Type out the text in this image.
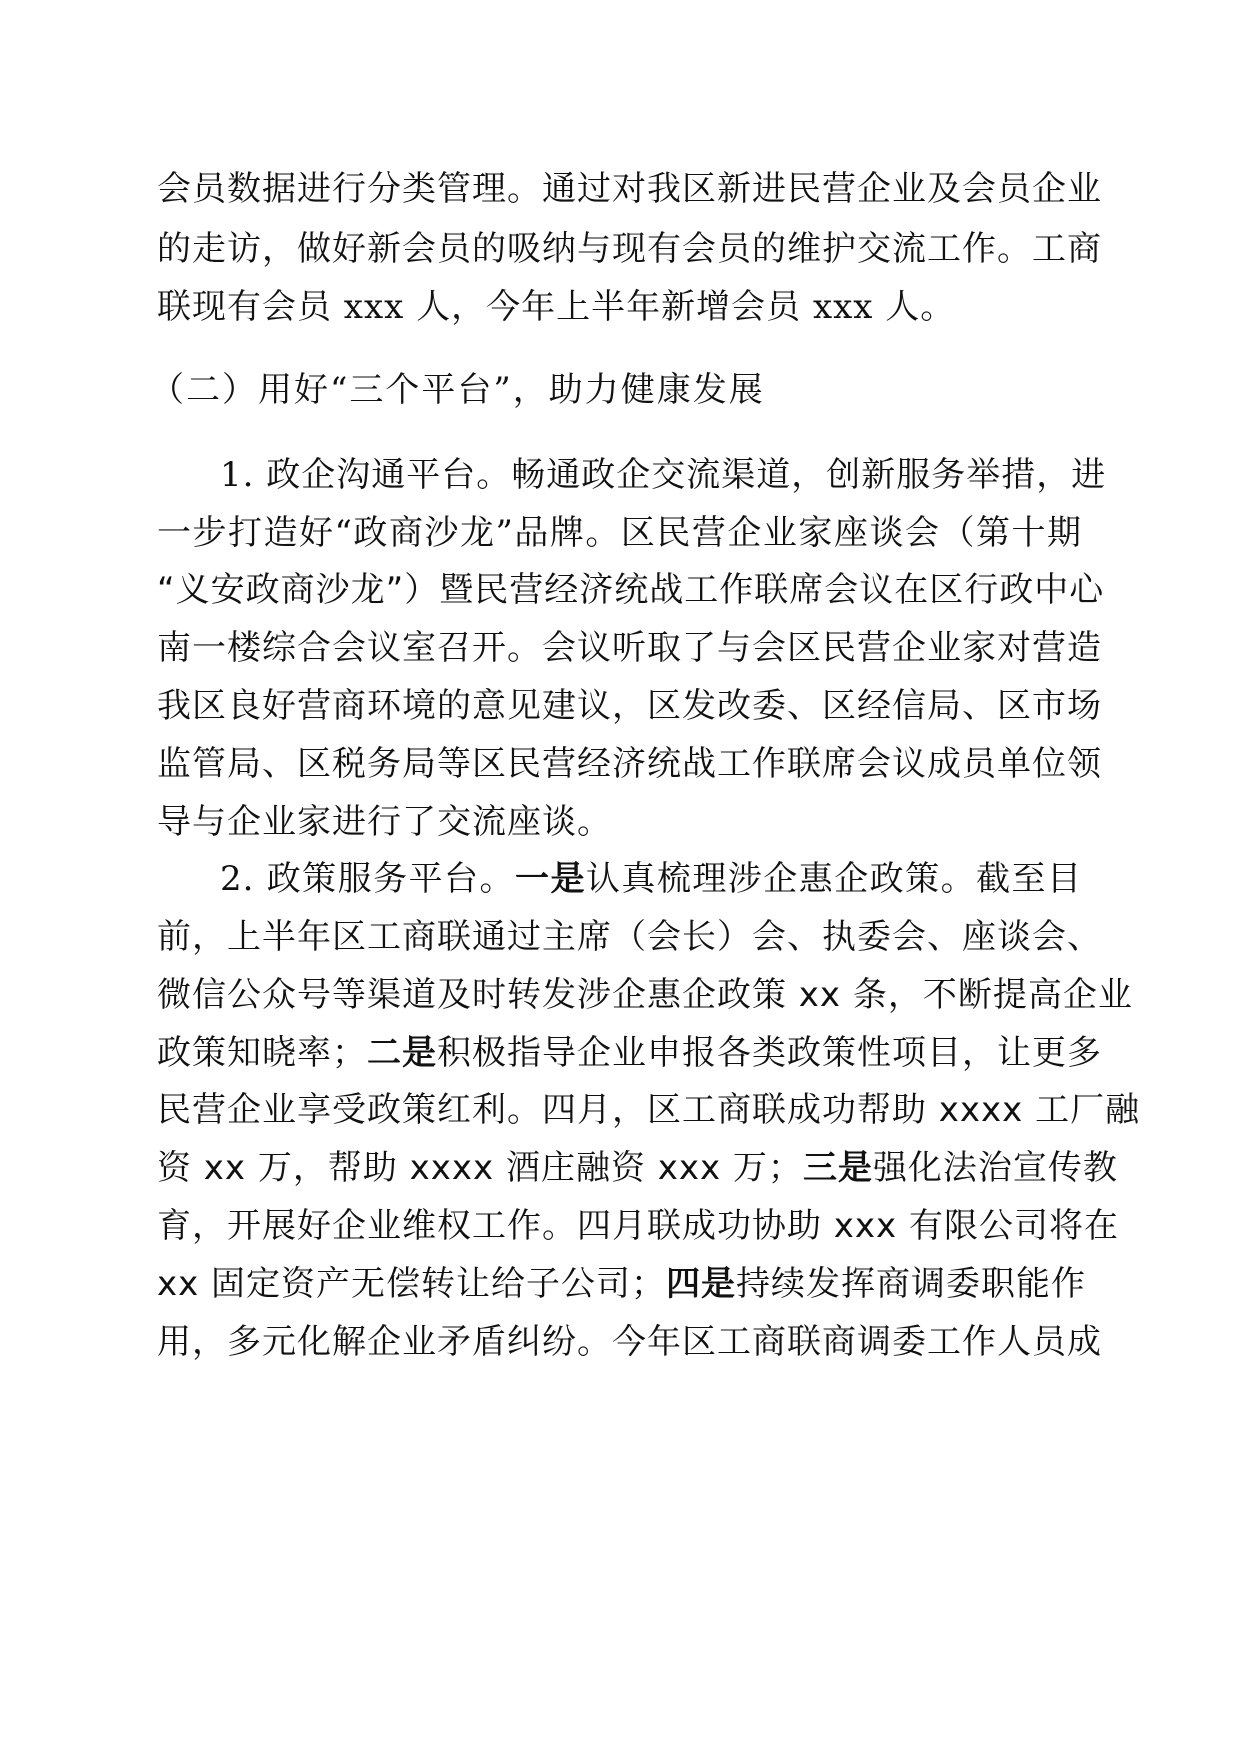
会员数据进行分类管理。通过对我区新进民营企业及会员企业
的走访，做好新会员的吸纳与现有会员的维护交流工作。工商
联现有会员 xxx 人，今年上半年新增会员 xxx 人。
（二）用好“三个平台”，助力健康发展
1. 政企沟通平台。畅通政企交流渠道，创新服务举措，进
一步打造好“政商沙龙”品牌。区民营企业家座谈会（第十期
“义安政商沙龙”）暨民营经济统战工作联席会议在区行政中心
南一楼综合会议室召开。会议听取了与会区民营企业家对营造
我区良好营商环境的意见建议，区发改委、区经信局、区市场
监管局、区税务局等区民营经济统战工作联席会议成员单位领
导与企业家进行了交流座谈。
2. 政策服务平台。一是认真梳理涉企惠企政策。截至目
前，上半年区工商联通过主席（会长）会、执委会、座谈会、
微信公众号等渠道及时转发涉企惠企政策 xx 条，不断提高企业
政策知晓率；二是积极指导企业申报各类政策性项目，让更多
民营企业享受政策红利。四月，区工商联成功帮助 xxxx 工厂融
资 xx 万，帮助 xxxx 酒庄融资 xxx 万；三是强化法治宣传教
育，开展好企业维权工作。四月联成功协助 xxx 有限公司将在
xx 固定资产无偿转让给子公司；四是持续发挥商调委职能作
用，多元化解企业矛盾纠纷。今年区工商联商调委工作人员成
